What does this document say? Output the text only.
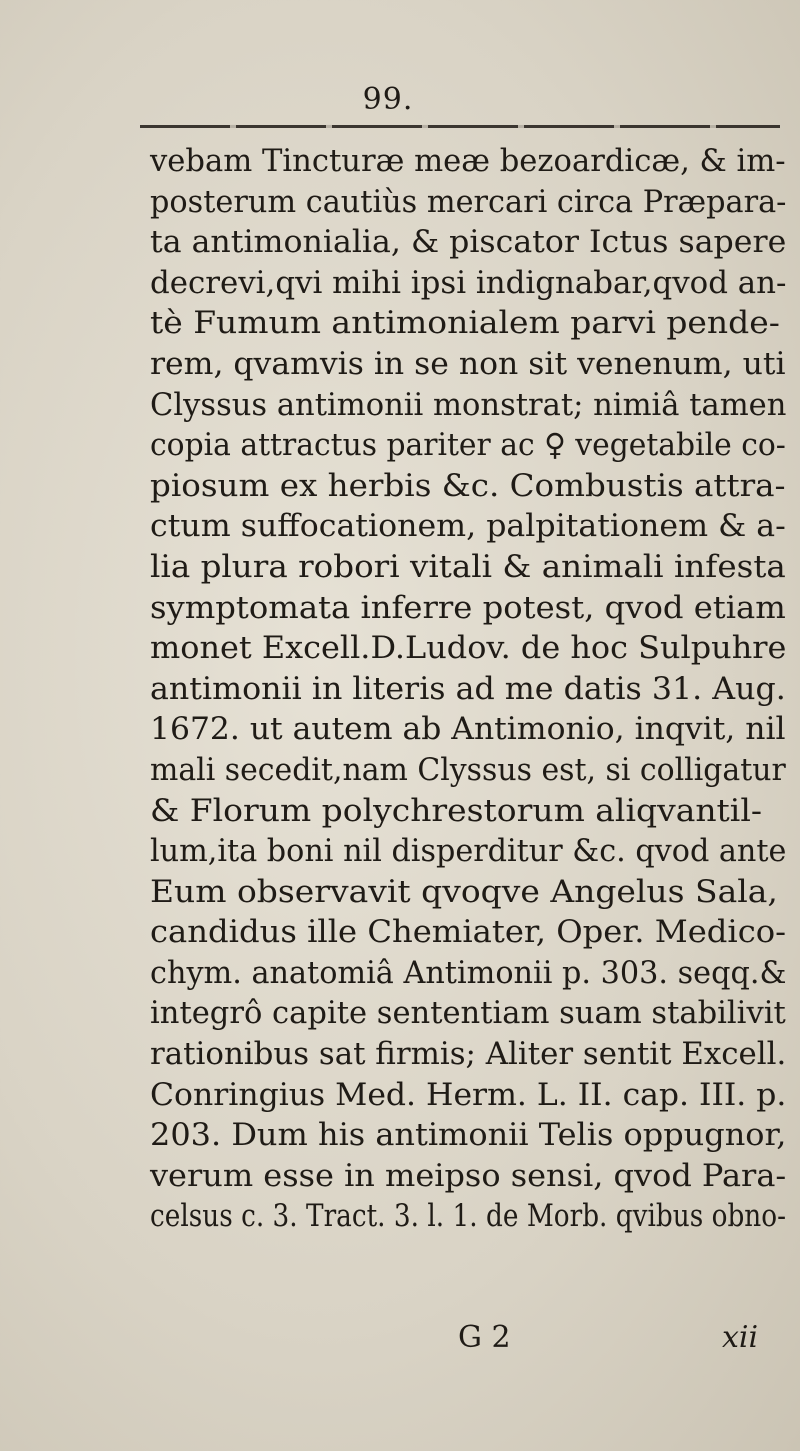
99.
vebam Tincturæ meæ bezoardicæ, & im-
posterum cautiùs mercari circa Præpara-
ta antimonialia, & piscator Ictus sapere
decrevi,qvi mihi ipsi indignabar,qvod an-
tè Fumum antimonialem parvi pende-
rem, qvamvis in se non sit venenum, uti
Clyssus antimonii monstrat; nimiâ tamen
copia attractus pariter ac ♀ vegetabile co-
piosum ex herbis &c. Combustis attra-
ctum suffocationem, palpitationem & a-
lia plura robori vitali & animali infesta
symptomata inferre potest, qvod etiam
monet Excell.D.Ludov. de hoc Sulpuhre
antimonii in literis ad me datis 31. Aug.
1672. ut autem ab Antimonio, inqvit, nil
mali secedit,nam Clyssus est, si colligatur
& Florum polychrestorum aliqvantil-
lum,ita boni nil disperditur &c. qvod ante
Eum observavit qvoqve Angelus Sala,
candidus ille Chemiater, Oper. Medico-
chym. anatomiâ Antimonii p. 303. seqq.&
integrô capite sententiam suam stabilivit
rationibus sat firmis; Aliter sentit Excell.
Conringius Med. Herm. L. II. cap. III. p.
203. Dum his antimonii Telis oppugnor,
verum esse in meipso sensi, qvod Para-
celsus c. 3. Tract. 3. l. 1. de Morb. qvibus obno-
G 2	xii
